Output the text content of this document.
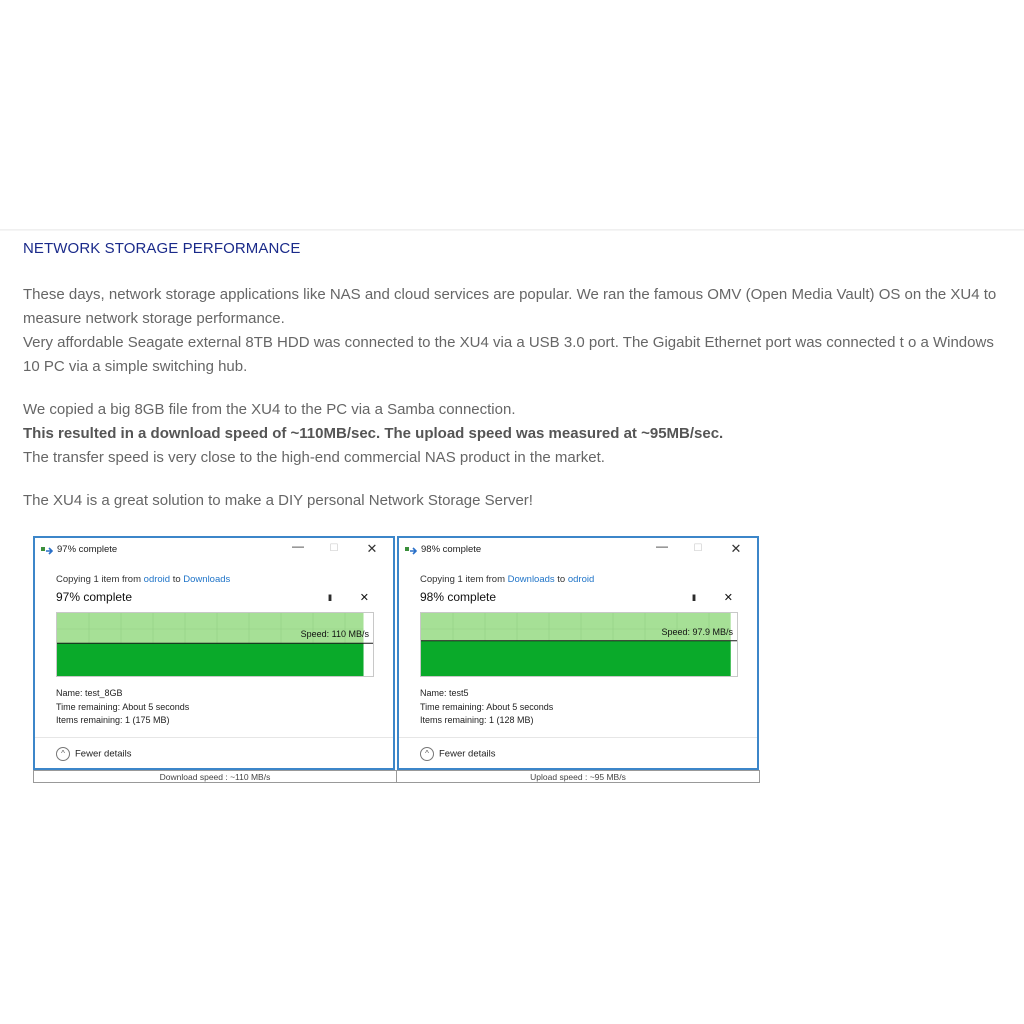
NETWORK STORAGE PERFORMANCE
These days, network storage applications like NAS and cloud services are popular. We ran the famous OMV (Open Media Vault) OS on the XU4 to measure network storage performance.
Very affordable Seagate external 8TB HDD was connected to the XU4 via a USB 3.0 port. The Gigabit Ethernet port was connected t o a Windows 10 PC via a simple switching hub.
We copied a big 8GB file from the XU4 to the PC via a Samba connection.
This resulted in a download speed of ~110MB/sec. The upload speed was measured at ~95MB/sec.
The transfer speed is very close to the high-end commercial NAS product in the market.
The XU4 is a great solution to make a DIY personal Network Storage Server!
97% complete	—	☐ ✕
Copying 1 item from odroid to Downloads
97% complete	II	✕
Speed: 110 MB/s
Name: test_8GB
Time remaining: About 5 seconds
Items remaining: 1 (175 MB)
^ Fewer details
98% complete	—	☐ ✕
Copying 1 item from Downloads to odroid
98% complete	II	✕
Speed: 97.9 MB/s
Name: test5
Time remaining: About 5 seconds
Items remaining: 1 (128 MB)
^ Fewer details
Download speed : ~110 MB/s	Upload speed : ~95 MB/s
